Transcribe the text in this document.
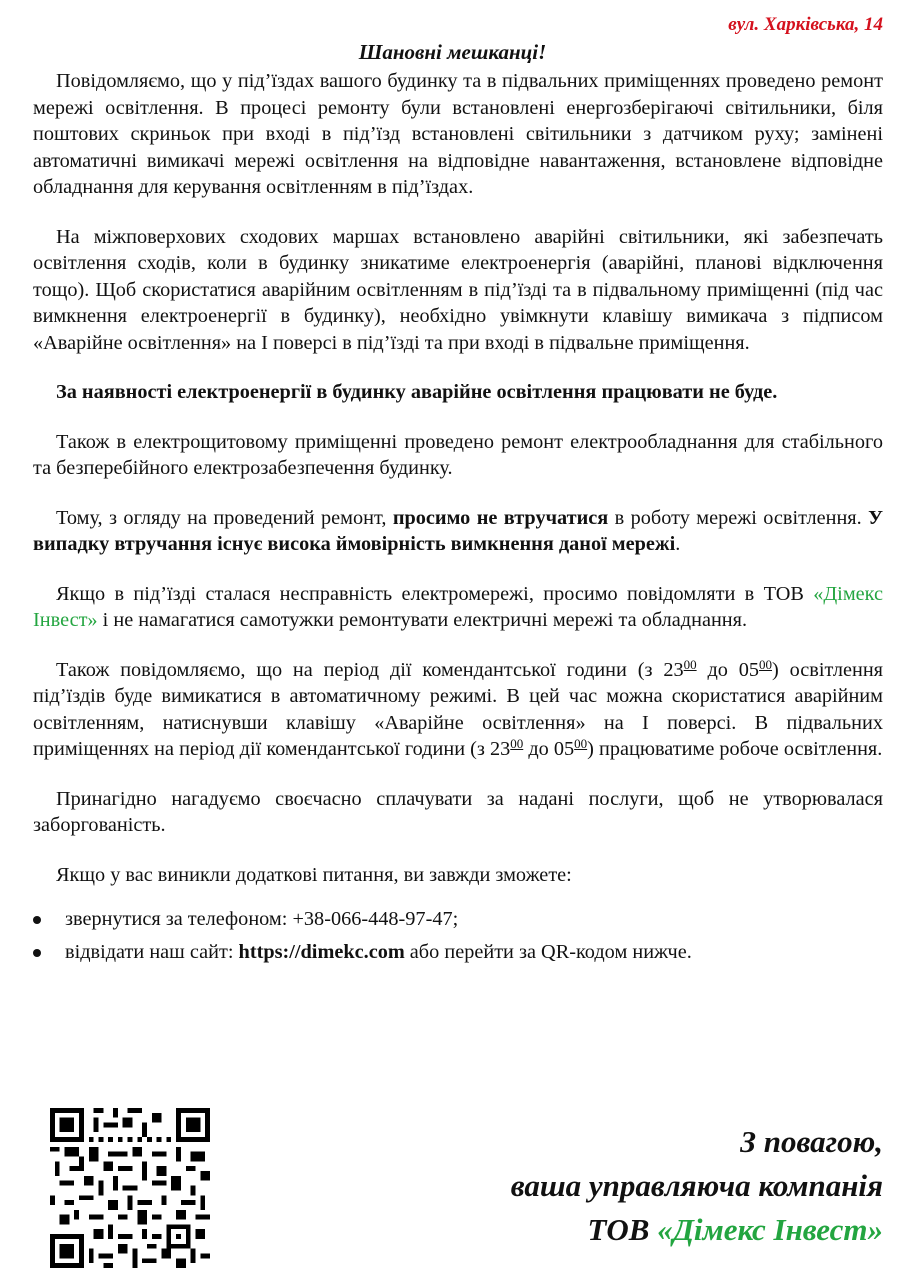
вул. Харківська, 14
Шановні мешканці!

Повідомляємо, що у під’їздах вашого будинку та в підвальних приміщеннях проведено ремонт мережі освітлення. В процесі ремонту були встановлені енергозберігаючі світильники, біля поштових скриньок при вході в під’їзд встановлені світильники з датчиком руху; замінені автоматичні вимикачі мережі освітлення на відповідне навантаження, встановлене відповідне обладнання для керування освітленням в під’їздах.

На міжповерхових сходових маршах встановлено аварійні світильники, які забезпечать освітлення сходів, коли в будинку зникатиме електроенергія (аварійні, планові відключення тощо). Щоб скористатися аварійним освітленням в під’їзді та в підвальному приміщенні (під час вимкнення електроенергії в будинку), необхідно увімкнути клавішу вимикача з підписом «Аварійне освітлення» на I поверсі в під’їзді та при вході в підвальне приміщення.

За наявності електроенергії в будинку аварійне освітлення працювати не буде.

Також в електрощитовому приміщенні проведено ремонт електрообладнання для стабільного та безперебійного електрозабезпечення будинку.

Тому, з огляду на проведений ремонт, просимо не втручатися в роботу мережі освітлення. У випадку втручання існує висока ймовірність вимкнення даної мережі.

Якщо в під’їзді сталася несправність електромережі, просимо повідомляти в ТОВ «Дімекс Інвест» і не намагатися самотужки ремонтувати електричні мережі та обладнання.

Також повідомляємо, що на період дії комендантської години (з $23^{00}$ до $05^{00}$) освітлення під’їздів буде вимикатися в автоматичному режимі. В цей час можна скористатися аварійним освітленням, натиснувши клавішу «Аварійне освітлення» на I поверсі. В підвальних приміщеннях на період дії комендантської години (з $23^{00}$ до $05^{00}$) працюватиме робоче освітлення.

Принагідно нагадуємо своєчасно сплачувати за надані послуги, щоб не утворювалася заборгованість.

Якщо у вас виникли додаткові питання, ви завжди зможете:

звернутися за телефоном: +38-066-448-97-47;
відвідати наш сайт: https://dimekc.com або перейти за QR-кодом нижче.
З повагою,
ваша управляюча компанія
ТОВ «Дімекс Інвест»
